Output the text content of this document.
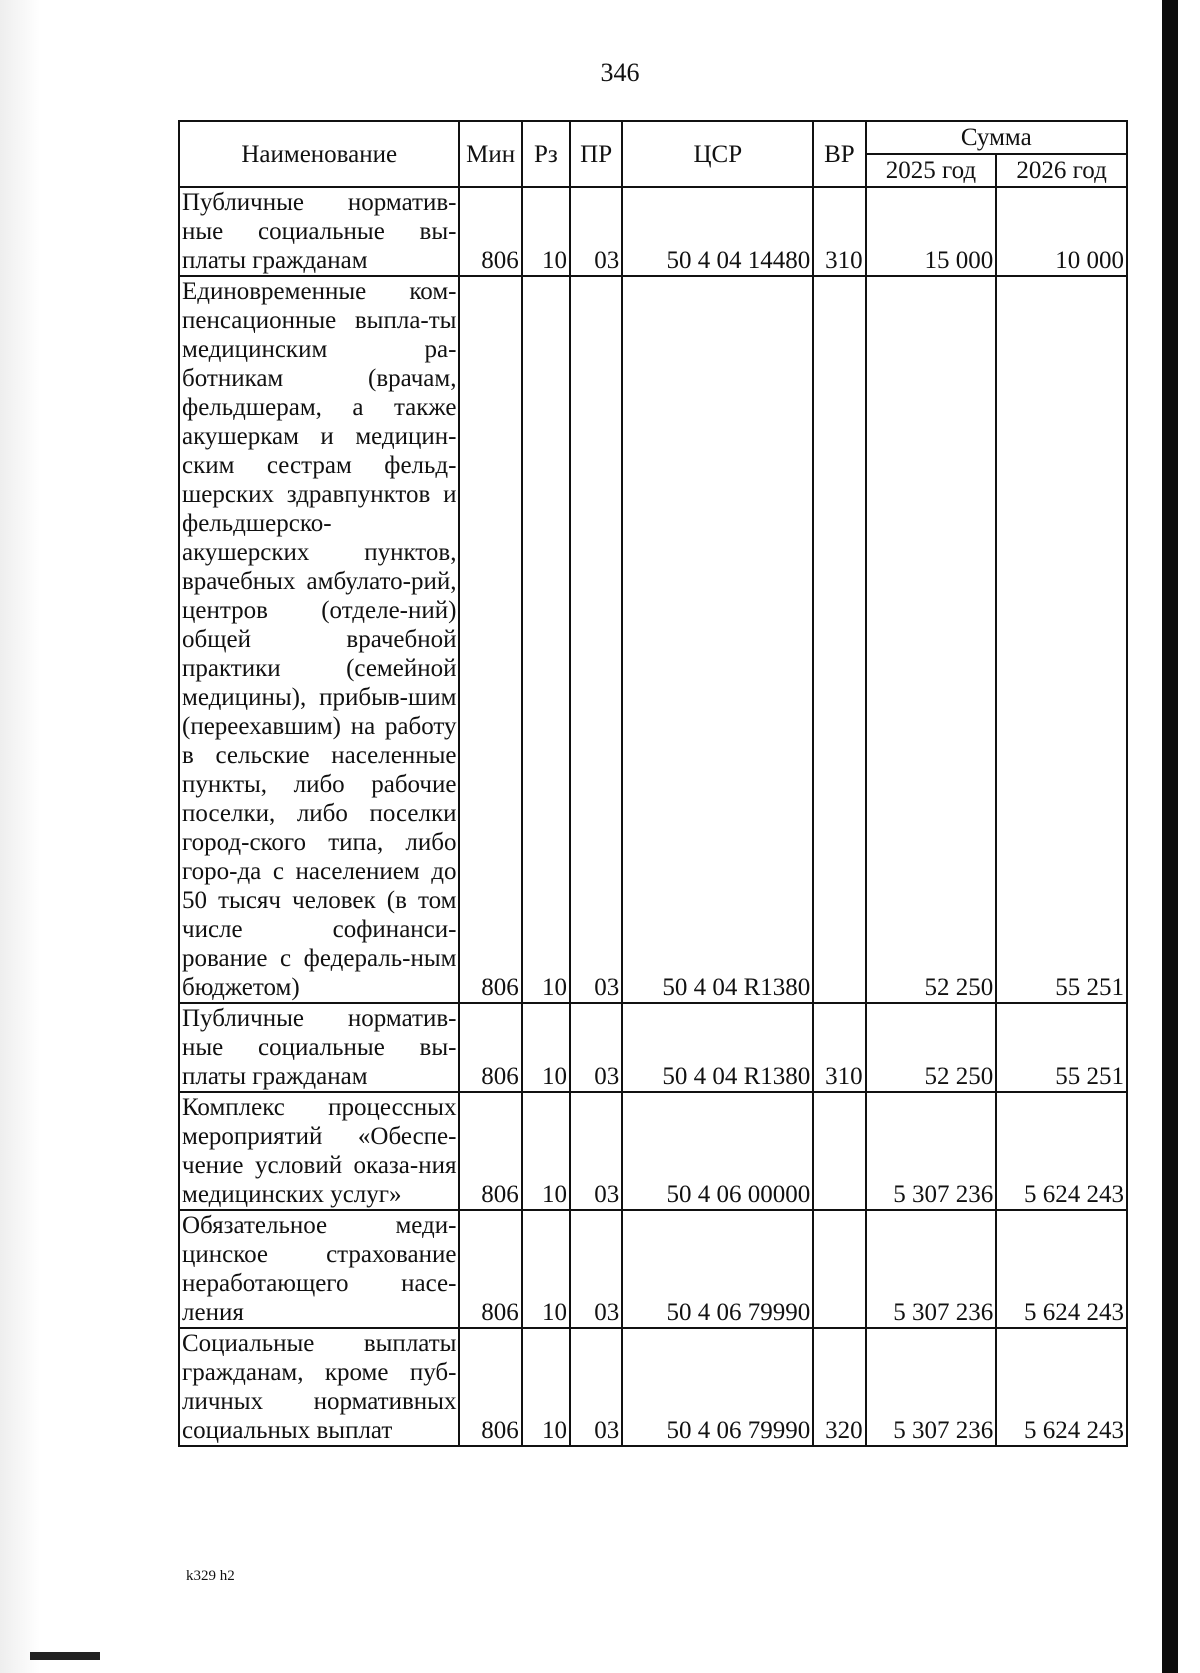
346
Наименование	Мин	Рз	ПР	ЦСР	ВР	Сумма	
						2025 год	2026 год
Публичные норматив-ные социальные вы-платы гражданам	806	10	03	50 4 04 14480	310	15 000	10 000
Единовременные ком-пенсационные выпла-ты медицинским ра-ботникам (врачам, фельдшерам, а также акушеркам и медицин-ским сестрам фельд-шерских здравпунктов и фельдшерско-акушерских пунктов, врачебных амбулато-рий, центров (отделе-ний) общей врачебной практики (семейной медицины), прибыв-шим (переехавшим) на работу в сельские населенные пункты, либо рабочие поселки, либо поселки город-ского типа, либо горо-да с населением до 50 тысяч человек (в том числе софинанси-рование с федераль-ным бюджетом)	806	10	03	50 4 04 R1380		52 250	55 251
Публичные норматив-ные социальные вы-платы гражданам	806	10	03	50 4 04 R1380	310	52 250	55 251
Комплекс процессных мероприятий «Обеспе-чение условий оказа-ния медицинских услуг»	806	10	03	50 4 06 00000		5 307 236	5 624 243
Обязательное меди-цинское страхование неработающего насе-ления	806	10	03	50 4 06 79990		5 307 236	5 624 243
Социальные выплаты гражданам, кроме пуб-личных нормативных социальных выплат	806	10	03	50 4 06 79990	320	5 307 236	5 624 243
k329 h2
